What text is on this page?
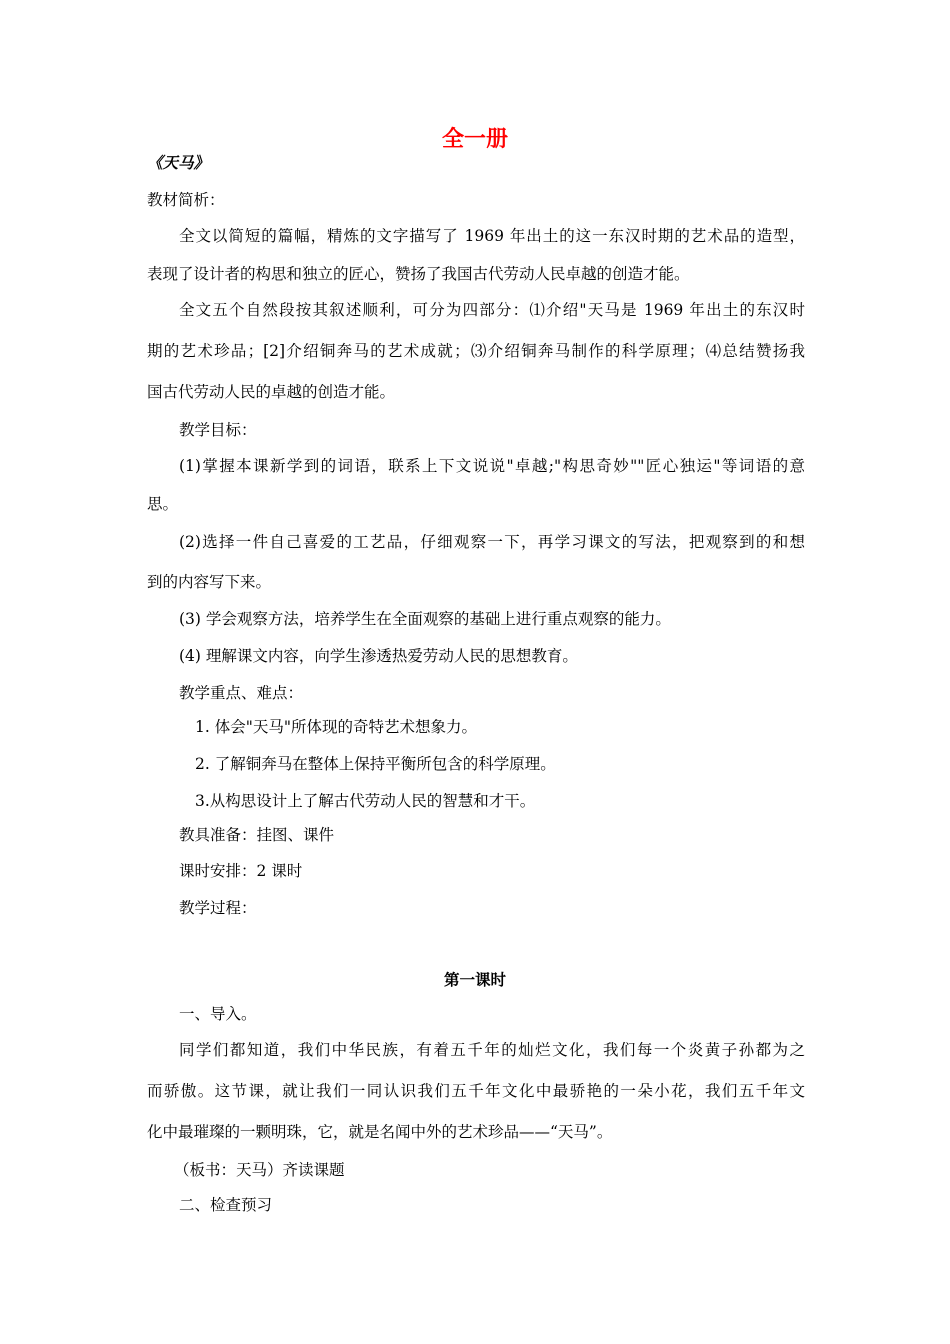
全一册
《天马》
教材简析：
全文以简短的篇幅，精炼的文字描写了 1969 年出土的这一东汉时期的艺术品的造型，
表现了设计者的构思和独立的匠心，赞扬了我国古代劳动人民卓越的创造才能。
全文五个自然段按其叙述顺利，可分为四部分：⑴介绍"天马是 1969 年出土的东汉时
期的艺术珍品；[2]介绍铜奔马的艺术成就；⑶介绍铜奔马制作的科学原理；⑷总结赞扬我
国古代劳动人民的卓越的创造才能。
教学目标：
(1)掌握本课新学到的词语，联系上下文说说"卓越;"构思奇妙""匠心独运"等词语的意
思。
(2)选择一件自己喜爱的工艺品，仔细观察一下，再学习课文的写法，把观察到的和想
到的内容写下来。
(3) 学会观察方法，培养学生在全面观察的基础上进行重点观察的能力。
(4) 理解课文内容，向学生渗透热爱劳动人民的思想教育。
教学重点、难点：
1. 体会"天马"所体现的奇特艺术想象力。
2. 了解铜奔马在整体上保持平衡所包含的科学原理。
3.从构思设计上了解古代劳动人民的智慧和才干。
教具准备：挂图、课件
课时安排：2 课时
教学过程：
第一课时
一、导入。
同学们都知道，我们中华民族，有着五千年的灿烂文化，我们每一个炎黄子孙都为之
而骄傲。这节课，就让我们一同认识我们五千年文化中最骄艳的一朵小花，我们五千年文
化中最璀璨的一颗明珠，它，就是名闻中外的艺术珍品——“天马”。
（板书：天马）齐读课题
二、检查预习
